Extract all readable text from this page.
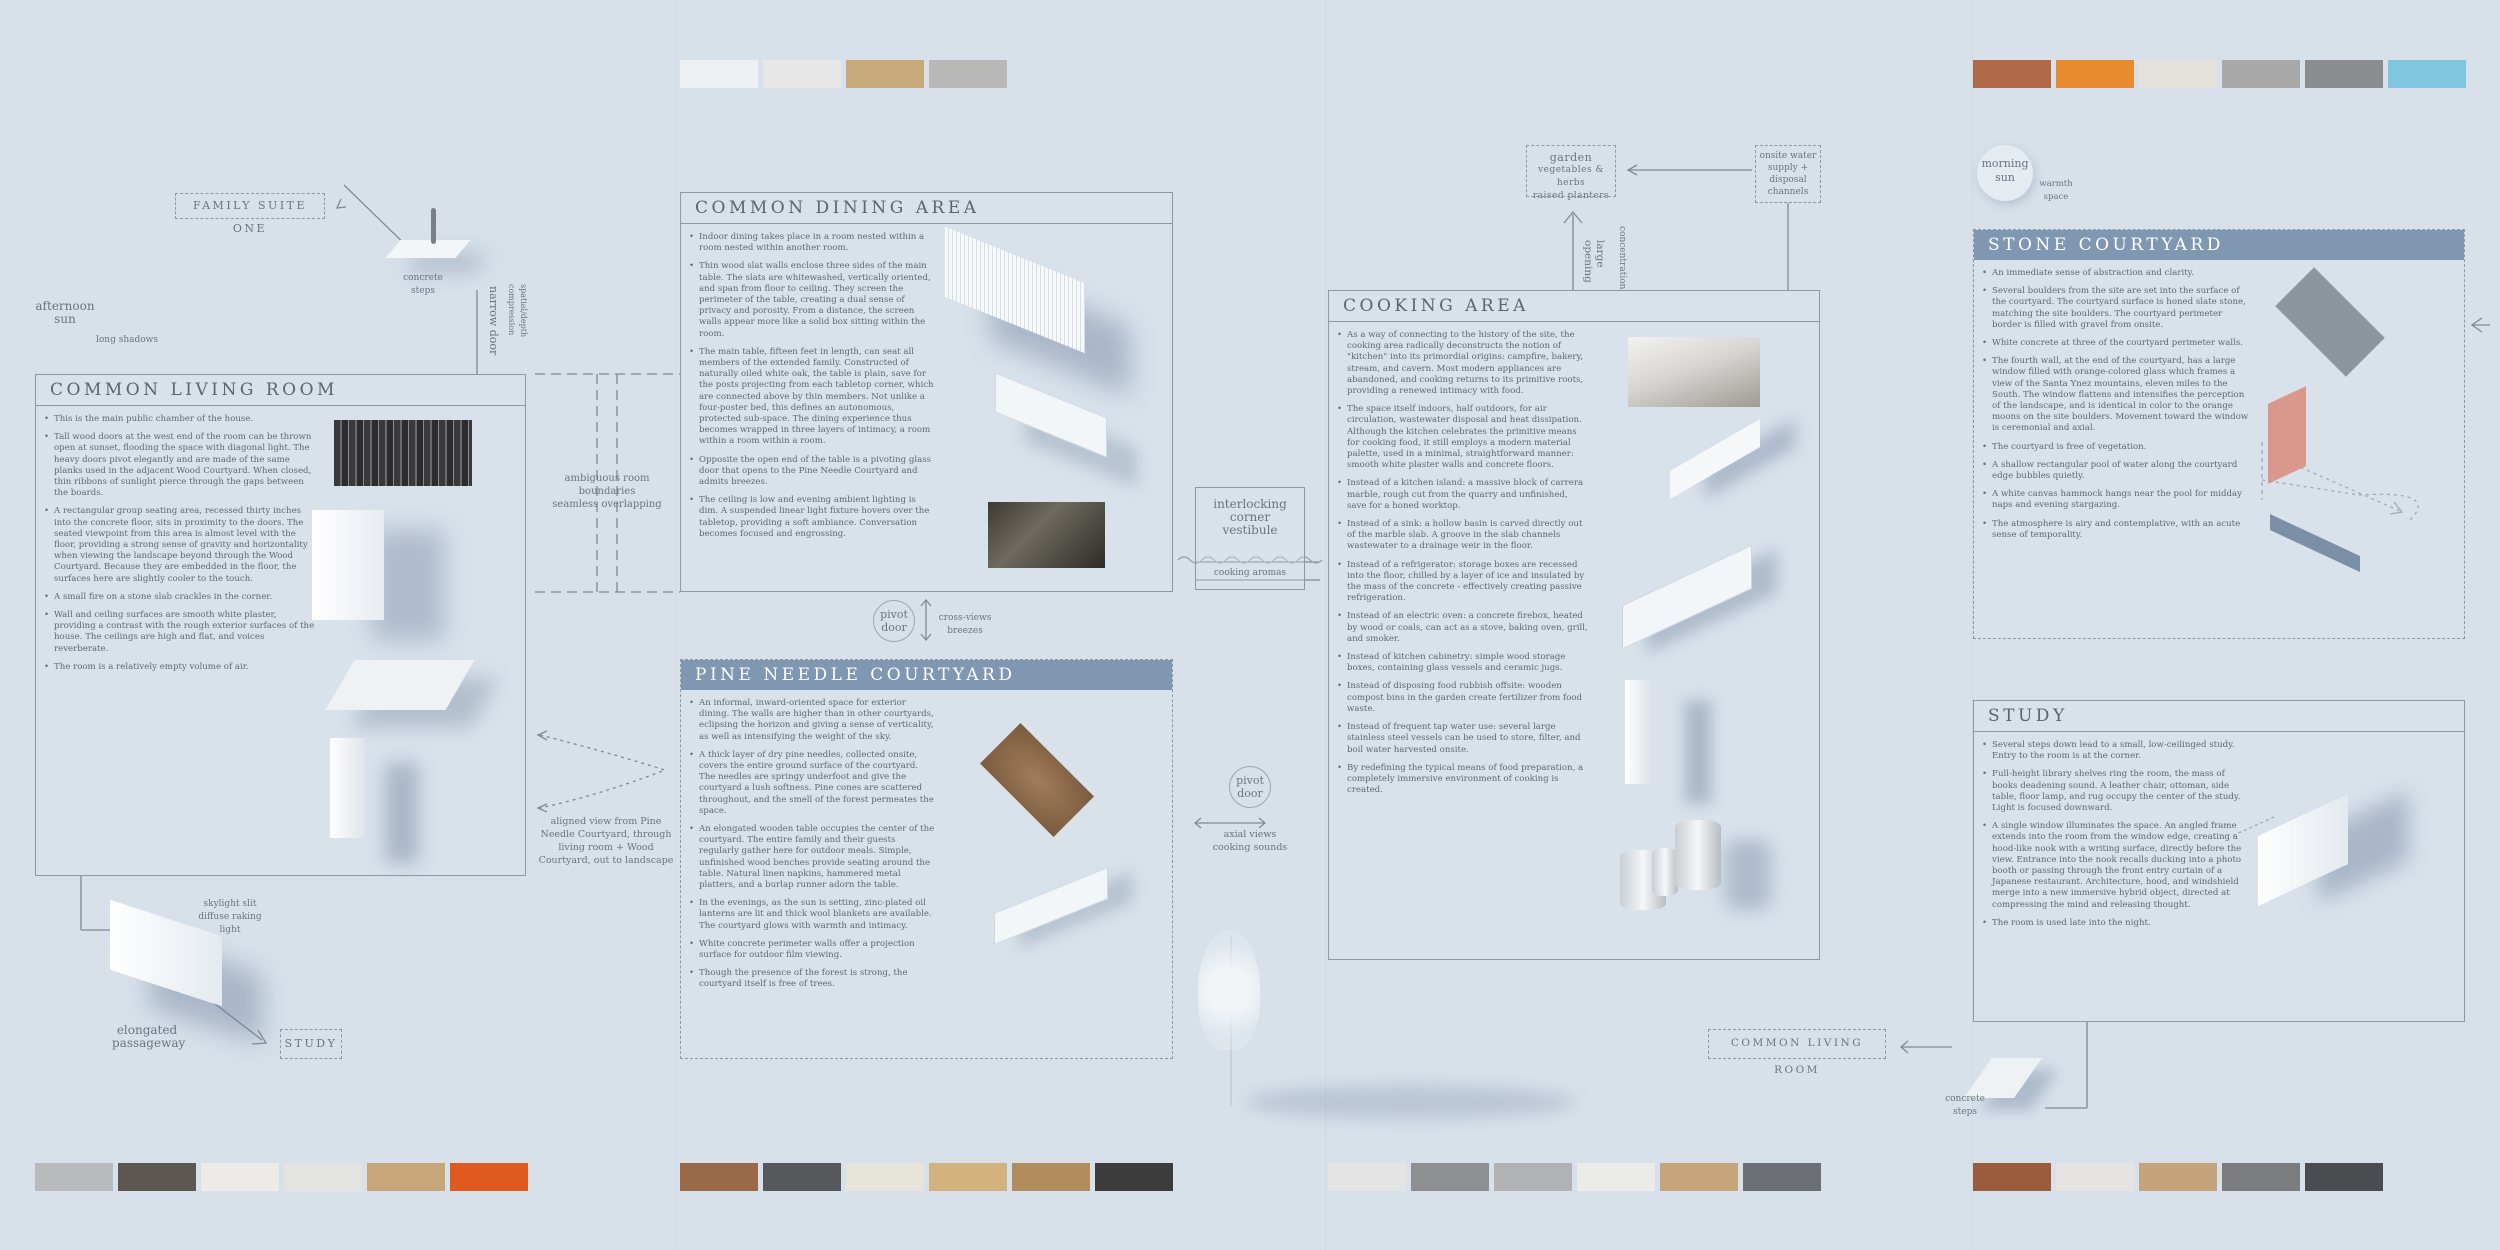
FAMILY SUITE ONE
concrete
steps
afternoon
sun
long shadows	narrow door	spatial/depth
compression
COMMON LIVING ROOM
• This is the main public chamber of the house.
• Tall wood doors at the west end of the room can be thrown open at sunset, flooding the space with diagonal light. The heavy doors pivot elegantly and are made of the same planks used in the adjacent Wood Courtyard. When closed, thin ribbons of sunlight pierce through the gaps between the boards.
• A rectangular group seating area, recessed thirty inches into the concrete floor, sits in proximity to the doors. The seated viewpoint from this area is almost level with the floor, providing a strong sense of gravity and horizontality when viewing the landscape beyond through the Wood Courtyard. Because they are embedded in the floor, the surfaces here are slightly cooler to the touch.
• A small fire on a stone slab crackles in the corner.
• Wall and ceiling surfaces are smooth white plaster, providing a contrast with the rough exterior surfaces of the house. The ceilings are high and flat, and voices reverberate.
• The room is a relatively empty volume of air.
ambiguous room boundaries
seamless overlapping
aligned view from Pine
Needle Courtyard, through
living room + Wood
Courtyard, out to landscape
skylight slit
diffuse raking light
elongated
passageway	STUDY
COMMON DINING AREA
• Indoor dining takes place in a room nested within a room nested within another room.
• Thin wood slat walls enclose three sides of the main table. The slats are whitewashed, vertically oriented, and span from floor to ceiling. They screen the perimeter of the table, creating a dual sense of privacy and porosity. From a distance, the screen walls appear more like a solid box sitting within the room.
• The main table, fifteen feet in length, can seat all members of the extended family. Constructed of naturally oiled white oak, the table is plain, save for the posts projecting from each tabletop corner, which are connected above by thin members. Not unlike a four-poster bed, this defines an autonomous, protected sub-space. The dining experience thus becomes wrapped in three layers of intimacy, a room within a room within a room.
• Opposite the open end of the table is a pivoting glass door that opens to the Pine Needle Courtyard and admits breezes.
• The ceiling is low and evening ambient lighting is dim. A suspended linear light fixture hovers over the tabletop, providing a soft ambiance. Conversation becomes focused and engrossing.
interlocking
corner
vestibule
cooking aromas
pivot
door
cross-views
breezes
PINE NEEDLE COURTYARD
• An informal, inward-oriented space for exterior dining. The walls are higher than in other courtyards, eclipsing the horizon and giving a sense of verticality, as well as intensifying the weight of the sky.
• A thick layer of dry pine needles, collected onsite, covers the entire ground surface of the courtyard. The needles are springy underfoot and give the courtyard a lush softness. Pine cones are scattered throughout, and the smell of the forest permeates the space.
• An elongated wooden table occupies the center of the courtyard. The entire family and their guests regularly gather here for outdoor meals. Simple, unfinished wood benches provide seating around the table. Natural linen napkins, hammered metal platters, and a burlap runner adorn the table.
• In the evenings, as the sun is setting, zinc-plated oil lanterns are lit and thick wool blankets are available. The courtyard glows with warmth and intimacy.
• White concrete perimeter walls offer a projection surface for outdoor film viewing.
• Though the presence of the forest is strong, the courtyard itself is free of trees.
pivot
door
axial views
cooking sounds
COOKING AREA
• As a way of connecting to the history of the site, the cooking area radically deconstructs the notion of "kitchen" into its primordial origins: campfire, bakery, stream, and cavern. Most modern appliances are abandoned, and cooking returns to its primitive roots, providing a renewed intimacy with food.
• The space itself indoors, half outdoors, for air circulation, wastewater disposal and heat dissipation. Although the kitchen celebrates the primitive means for cooking food, it still employs a modern material palette, used in a minimal, straightforward manner: smooth white plaster walls and concrete floors.
• Instead of a kitchen island: a massive block of carrera marble, rough cut from the quarry and unfinished, save for a honed worktop.
• Instead of a sink: a hollow basin is carved directly out of the marble slab. A groove in the slab channels wastewater to a drainage weir in the floor.
• Instead of a refrigerator: storage boxes are recessed into the floor, chilled by a layer of ice and insulated by the mass of the concrete - effectively creating passive refrigeration.
• Instead of an electric oven: a concrete firebox, heated by wood or coals, can act as a stove, baking oven, grill, and smoker.
• Instead of kitchen cabinetry: simple wood storage boxes, containing glass vessels and ceramic jugs.
• Instead of disposing food rubbish offsite: wooden compost bins in the garden create fertilizer from food waste.
• Instead of frequent tap water use: several large stainless steel vessels can be used to store, filter, and boil water harvested onsite.
• By redefining the typical means of food preparation, a completely immersive environment of cooking is created.
garden
vegetables & herbs
raised planters
onsite water
supply +
disposal
channels
large
opening	concentration
morning
sun	warmth
space
STONE COURTYARD
• An immediate sense of abstraction and clarity.
• Several boulders from the site are set into the surface of the courtyard. The courtyard surface is honed slate stone, matching the site boulders. The courtyard perimeter border is filled with gravel from onsite.
• White concrete at three of the courtyard perimeter walls.
• The fourth wall, at the end of the courtyard, has a large window filled with orange-colored glass which frames a view of the Santa Ynez mountains, eleven miles to the South. The window flattens and intensifies the perception of the landscape, and is identical in color to the orange moons on the site boulders. Movement toward the window is ceremonial and axial.
• The courtyard is free of vegetation.
• A shallow rectangular pool of water along the courtyard edge bubbles quietly.
• A white canvas hammock hangs near the pool for midday naps and evening stargazing.
• The atmosphere is airy and contemplative, with an acute sense of temporality.
STUDY
• Several steps down lead to a small, low-ceilinged study. Entry to the room is at the corner.
• Full-height library shelves ring the room, the mass of books deadening sound. A leather chair, ottoman, side table, floor lamp, and rug occupy the center of the study. Light is focused downward.
• A single window illuminates the space. An angled frame extends into the room from the window edge, creating a hood-like nook with a writing surface, directly before the view. Entrance into the nook recalls ducking into a photo booth or passing through the front entry curtain of a Japanese restaurant. Architecture, hood, and windshield merge into a new immersive hybrid object, directed at compressing the mind and releasing thought.
• The room is used late into the night.
COMMON LIVING ROOM
concrete
steps
